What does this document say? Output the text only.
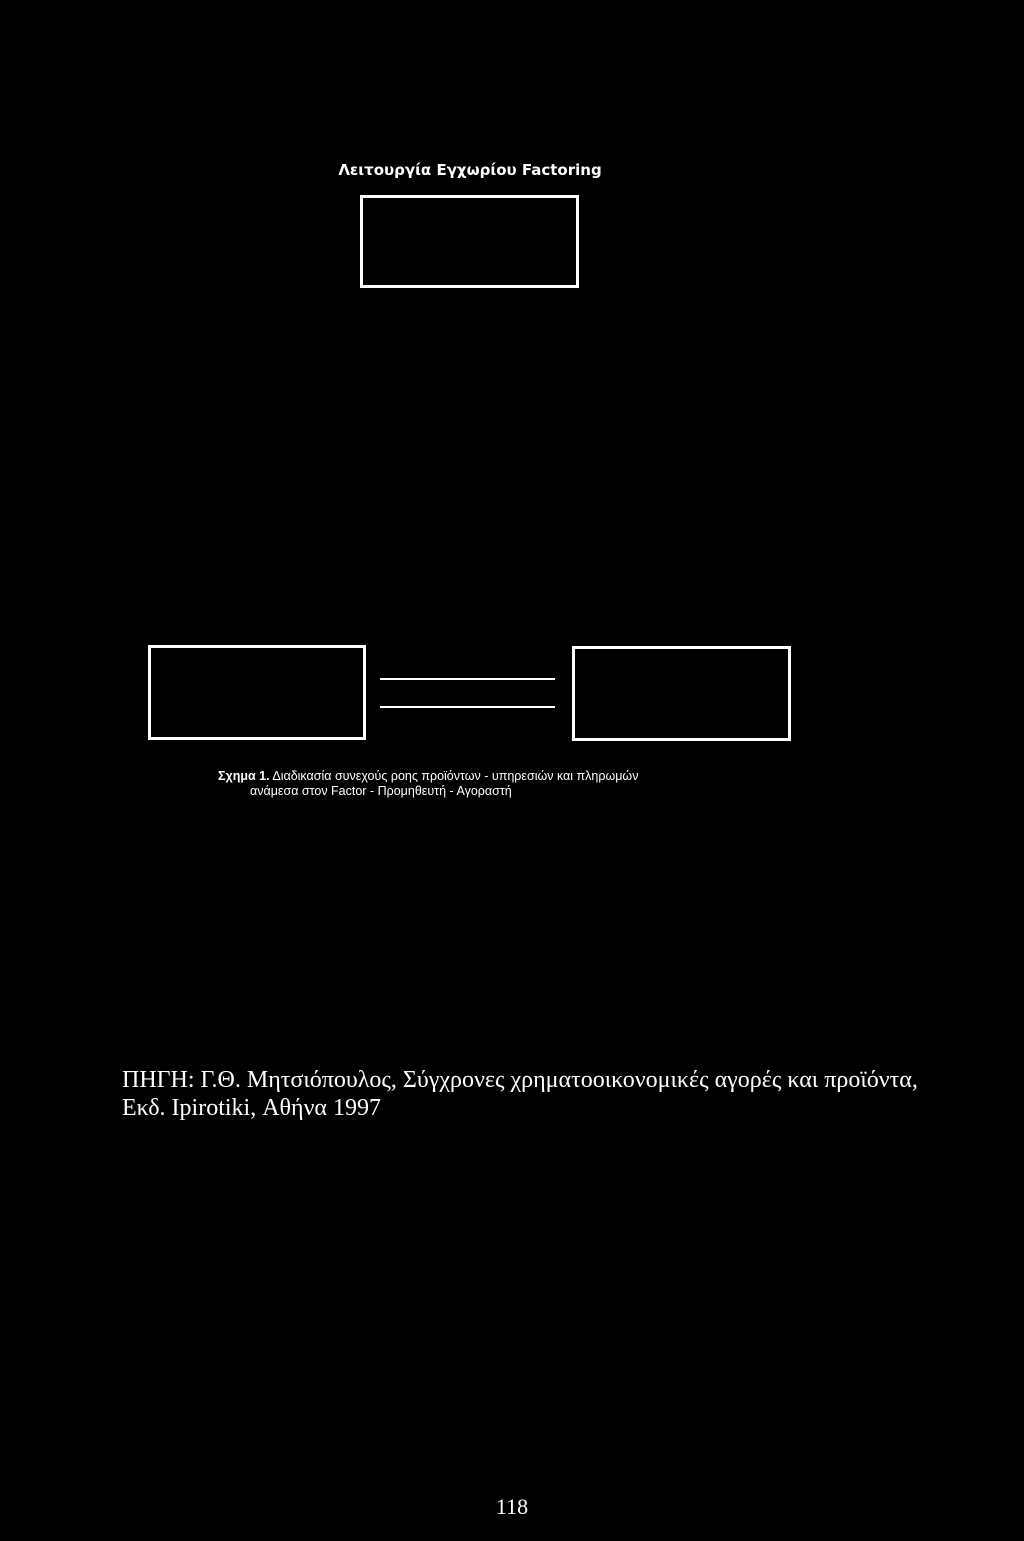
Λειτουργία Εγχωρίου Factoring
Σχημα 1. Διαδικασία συνεχούς ροης προϊόντων - υπηρεσιών και πληρωμών
ανάμεσα στον Factor - Προμηθευτή - Αγοραστή
ΠΗΓΗ: Γ.Θ. Μητσιόπουλος, Σύγχρονες χρηματοοικονομικές αγορές και προϊόντα,
Εκδ. Ipirotiki, Αθήνα 1997
118
